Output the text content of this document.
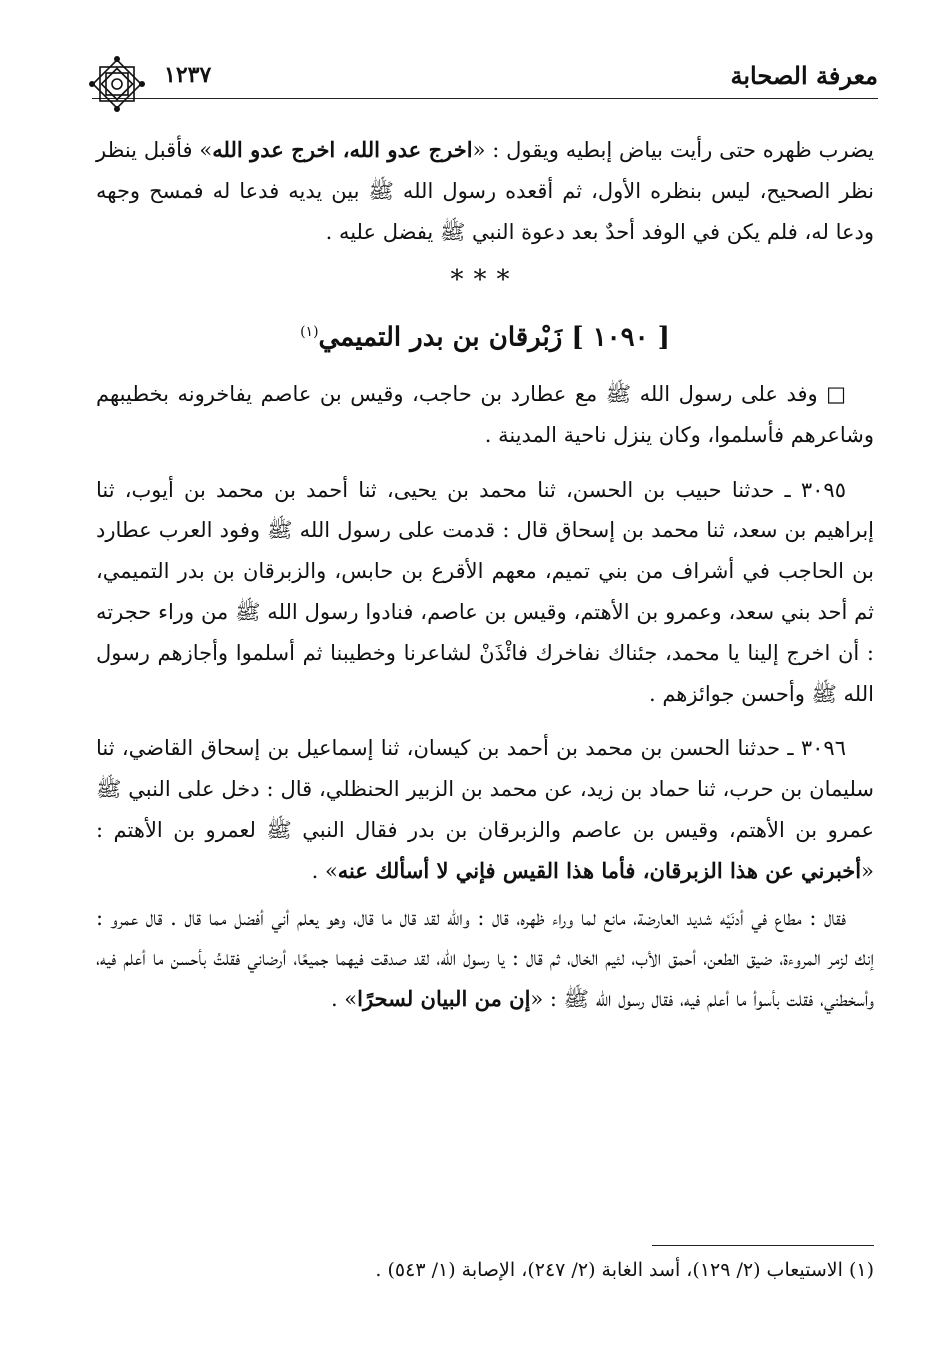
١٢٣٧	معرفة الصحابة

يضرب ظهره حتى رأيت بياض إبطيه ويقول : «اخرج عدو الله، اخرج عدو الله» فأقبل ينظر نظر الصحيح، ليس بنظره الأول، ثم أقعده رسول الله ﷺ بين يديه فدعا له فمسح وجهه ودعا له، فلم يكن في الوفد أحدٌ بعد دعوة النبي ﷺ يفضل عليه .

***
[ ١٠٩٠ ] زَبْرقان بن بدر التميمي$^{(١)}$

□ وفد على رسول الله ﷺ مع عطارد بن حاجب، وقيس بن عاصم يفاخرونه بخطيبهم وشاعرهم فأسلموا، وكان ينزل ناحية المدينة .

٣٠٩٥ ـ حدثنا حبيب بن الحسن، ثنا محمد بن يحيى، ثنا أحمد بن محمد بن أيوب، ثنا إبراهيم بن سعد، ثنا محمد بن إسحاق قال : قدمت على رسول الله ﷺ وفود العرب عطارد بن الحاجب في أشراف من بني تميم، معهم الأقرع بن حابس، والزبرقان بن بدر التميمي، ثم أحد بني سعد، وعمرو بن الأهتم، وقيس بن عاصم، فنادوا رسول الله ﷺ من وراء حجرته : أن اخرج إلينا يا محمد، جئناك نفاخرك فائْذَنْ لشاعرنا وخطيبنا ثم أسلموا وأجازهم رسول الله ﷺ وأحسن جوائزهم .

٣٠٩٦ ـ حدثنا الحسن بن محمد بن أحمد بن كيسان، ثنا إسماعيل بن إسحاق القاضي، ثنا سليمان بن حرب، ثنا حماد بن زيد، عن محمد بن الزبير الحنظلي، قال : دخل على النبي ﷺ عمرو بن الأهتم، وقيس بن عاصم والزبرقان بن بدر فقال النبي ﷺ لعمرو بن الأهتم : «أخبرني عن هذا الزبرقان، فأما هذا القيس فإني لا أسألك عنه» .

فقال : مطاع في أدنَيْه شديد العارضة، مانع لما وراء ظهره، قال : والله لقد قال ما قال، وهو يعلم أني أفضل مما قال . قال عمرو : إنك لزمر المروءة، ضيق الطعن، أحمق الأب، لئيم الخال، ثم قال : يا رسول الله، لقد صدقت فيهما جميعًا، أرضاني فقلتُ بأحسن ما أعلم فيه، وأسخطني، فقلت بأسوأ ما أعلم فيه، فقال رسول الله ﷺ : «إن من البيان لسحرًا» .

(١) الاستيعاب (٢/ ١٢٩)، أسد الغابة (٢/ ٢٤٧)، الإصابة (١/ ٥٤٣) .
